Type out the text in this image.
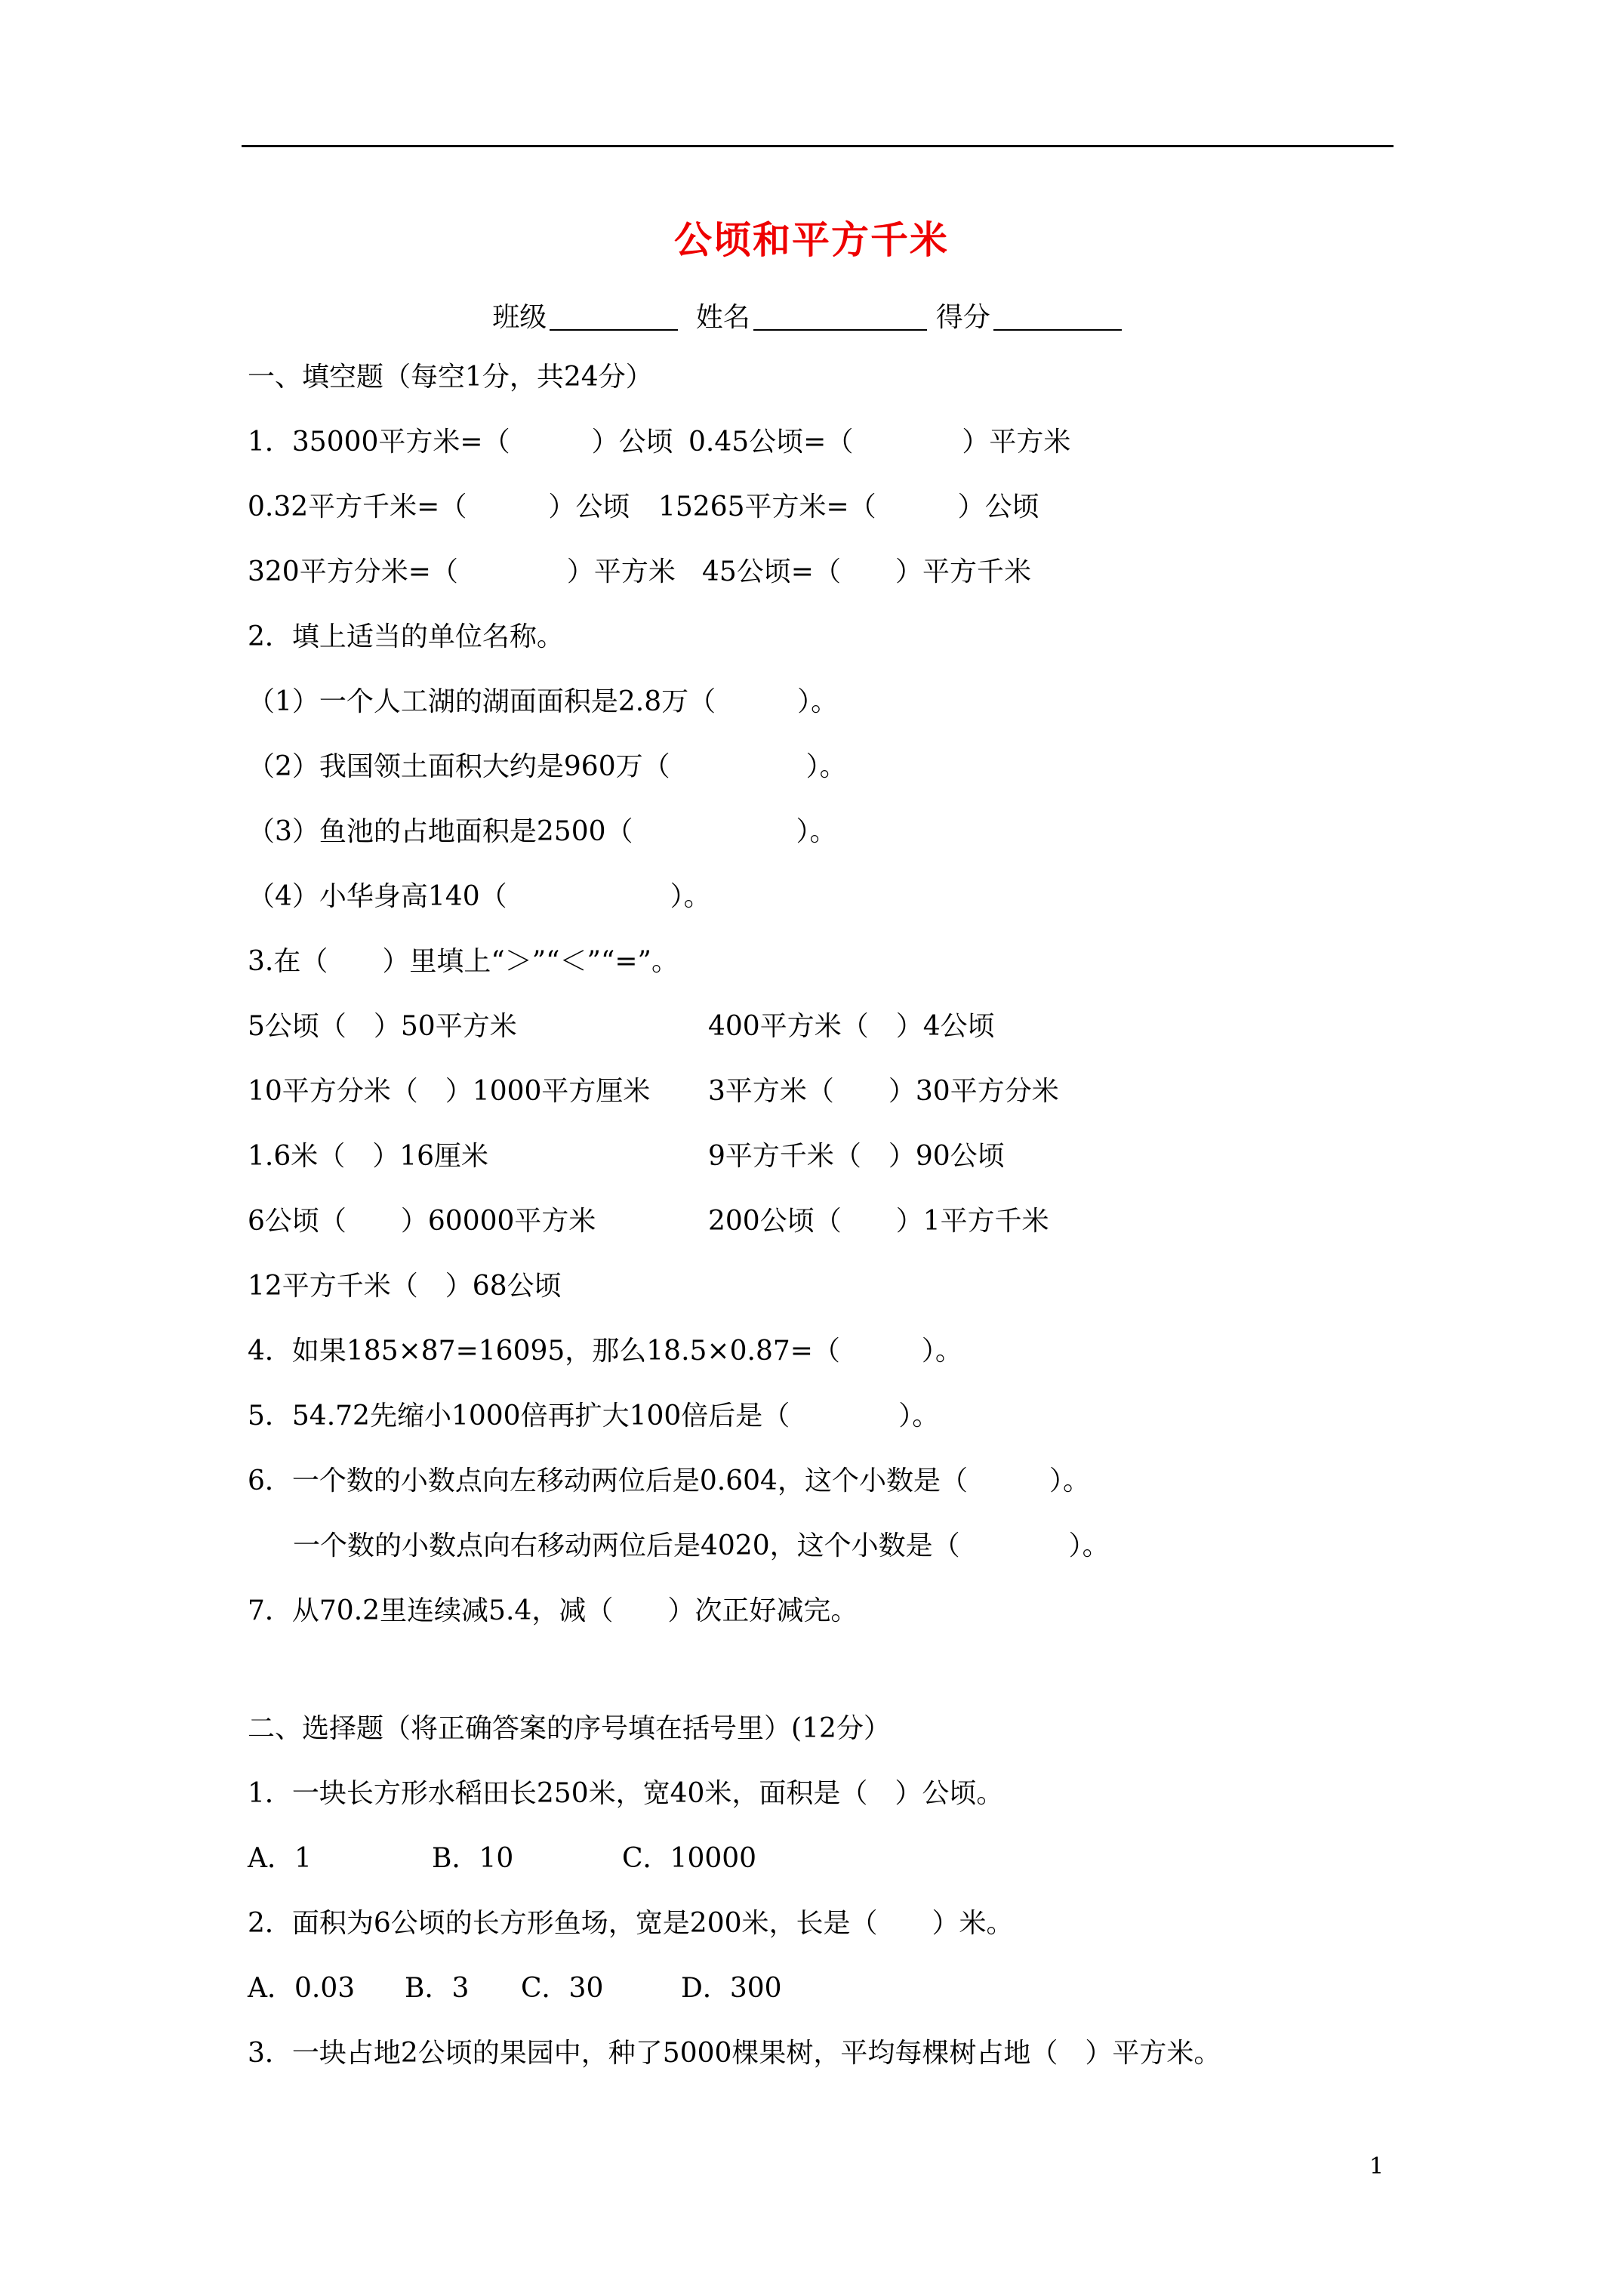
公顷和平方千米
班级	姓名	得分
一、填空题（每空1分，共24分）
1．35000平方米=（　　　）公顷 0.45公顷=（　　　　）平方米
0.32平方千米=（　　　）公顷 15265平方米=（　　　）公顷
320平方分米=（　　　　）平方米 45公顷=（　　）平方千米
2．填上适当的单位名称。
（1）一个人工湖的湖面面积是2.8万（　　　）。
（2）我国领土面积大约是960万（　　　　　）。
（3）鱼池的占地面积是2500（　　　　　　）。
（4）小华身高140（　　　　　　）。
3.在（　　）里填上“＞”“＜”“=”。
5公顷（　）50平方米	400平方米（　）4公顷
10平方分米（　）1000平方厘米 3平方米（　　）30平方分米
1.6米（　）16厘米	9平方千米（　）90公顷
6公顷（　　）60000平方米	200公顷（　　）1平方千米
12平方千米（　）68公顷
4．如果185×87=16095，那么18.5×0.87=（　　　）。
5．54.72先缩小1000倍再扩大100倍后是（　　　　）。
6．一个数的小数点向左移动两位后是0.604，这个小数是（　　　）。
一个数的小数点向右移动两位后是4020，这个小数是（　　　　）。
7．从70.2里连续减5.4，减（　　）次正好减完。
二、选择题（将正确答案的序号填在括号里）(12分）
1．一块长方形水稻田长250米，宽40米，面积是（　）公顷。
A．1	B．10	C．10000
2．面积为6公顷的长方形鱼场，宽是200米，长是（　　）米。
A．0.03 B．3 C．30	D．300
3．一块占地2公顷的果园中，种了5000棵果树，平均每棵树占地（　）平方米。
1
